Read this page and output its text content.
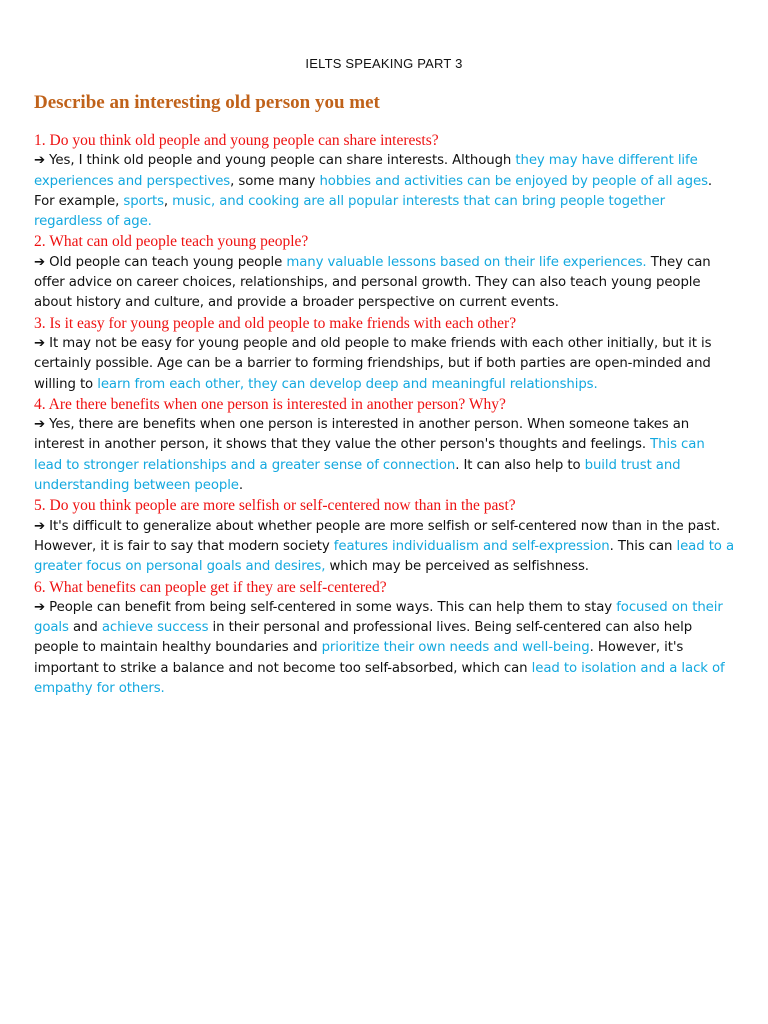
IELTS SPEAKING PART 3
Describe an interesting old person you met

1. Do you think old people and young people can share interests?

➔ Yes, I think old people and young people can share interests. Although they may have different life experiences and perspectives, some many hobbies and activities can be enjoyed by people of all ages. For example, sports, music, and cooking are all popular interests that can bring people together regardless of age.

2. What can old people teach young people?

➔ Old people can teach young people many valuable lessons based on their life experiences. They can offer advice on career choices, relationships, and personal growth. They can also teach young people about history and culture, and provide a broader perspective on current events.

3. Is it easy for young people and old people to make friends with each other?

➔ It may not be easy for young people and old people to make friends with each other initially, but it is certainly possible. Age can be a barrier to forming friendships, but if both parties are open-minded and willing to learn from each other, they can develop deep and meaningful relationships.

4. Are there benefits when one person is interested in another person? Why?

➔ Yes, there are benefits when one person is interested in another person. When someone takes an interest in another person, it shows that they value the other person's thoughts and feelings. This can lead to stronger relationships and a greater sense of connection. It can also help to build trust and understanding between people.

5. Do you think people are more selfish or self-centered now than in the past?

➔ It's difficult to generalize about whether people are more selfish or self-centered now than in the past. However, it is fair to say that modern society features individualism and self-expression. This can lead to a greater focus on personal goals and desires, which may be perceived as selfishness.

6. What benefits can people get if they are self-centered?

➔ People can benefit from being self-centered in some ways. This can help them to stay focused on their goals and achieve success in their personal and professional lives. Being self-centered can also help people to maintain healthy boundaries and prioritize their own needs and well-being. However, it's important to strike a balance and not become too self-absorbed, which can lead to isolation and a lack of empathy for others.
